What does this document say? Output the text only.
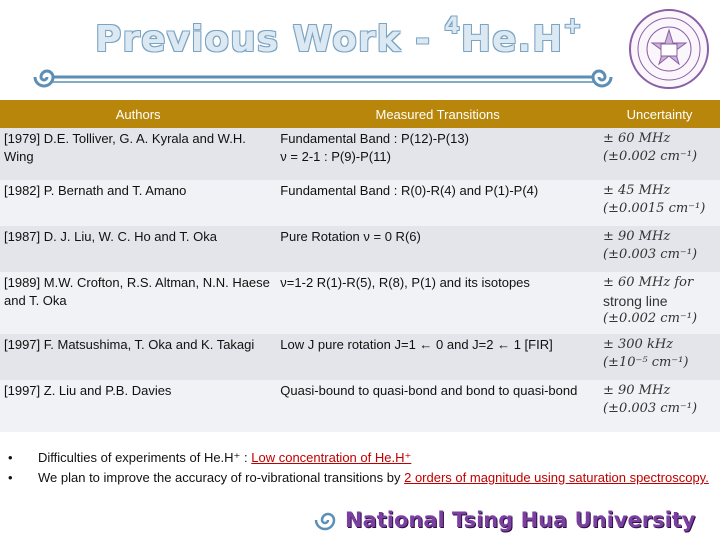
Previous Work - $^4$He.H+
Authors	Measured Transitions	Uncertainty
[1979] D.E. Tolliver, G. A. Kyrala and W.H. Wing	Fundamental Band : P(12)-P(13)
ν = 2-1 : P(9)-P(11)	± 60 MHz
(±0.002 cm⁻¹)

[1982] P. Bernath and T. Amano	Fundamental Band : R(0)-R(4) and P(1)-P(4)	± 45 MHz
(±0.0015 cm⁻¹)

[1987] D. J. Liu, W. C. Ho and T. Oka	Pure Rotation ν = 0 R(6)	± 90 MHz
(±0.003 cm⁻¹)

[1989] M.W. Crofton, R.S. Altman, N.N. Haese and T. Oka	ν=1-2 R(1)-R(5), R(8), P(1) and its isotopes	± 60 MHz for
strong line
(±0.002 cm⁻¹)

[1997] F. Matsushima, T. Oka and K. Takagi	Low J pure rotation J=1 ← 0 and J=2 ← 1 [FIR]	± 300 kHz
(±10⁻⁵ cm⁻¹)

[1997] Z. Liu and P.B. Davies	Quasi-bound to quasi-bond and bond to quasi-bond	± 90 MHz
(±0.003 cm⁻¹)
•	Difficulties of experiments of He.H⁺ : Low concentration of He.H⁺
•	We plan to improve the accuracy of ro-vibrational transitions by 2 orders of magnitude using saturation spectroscopy.
National Tsing Hua University
